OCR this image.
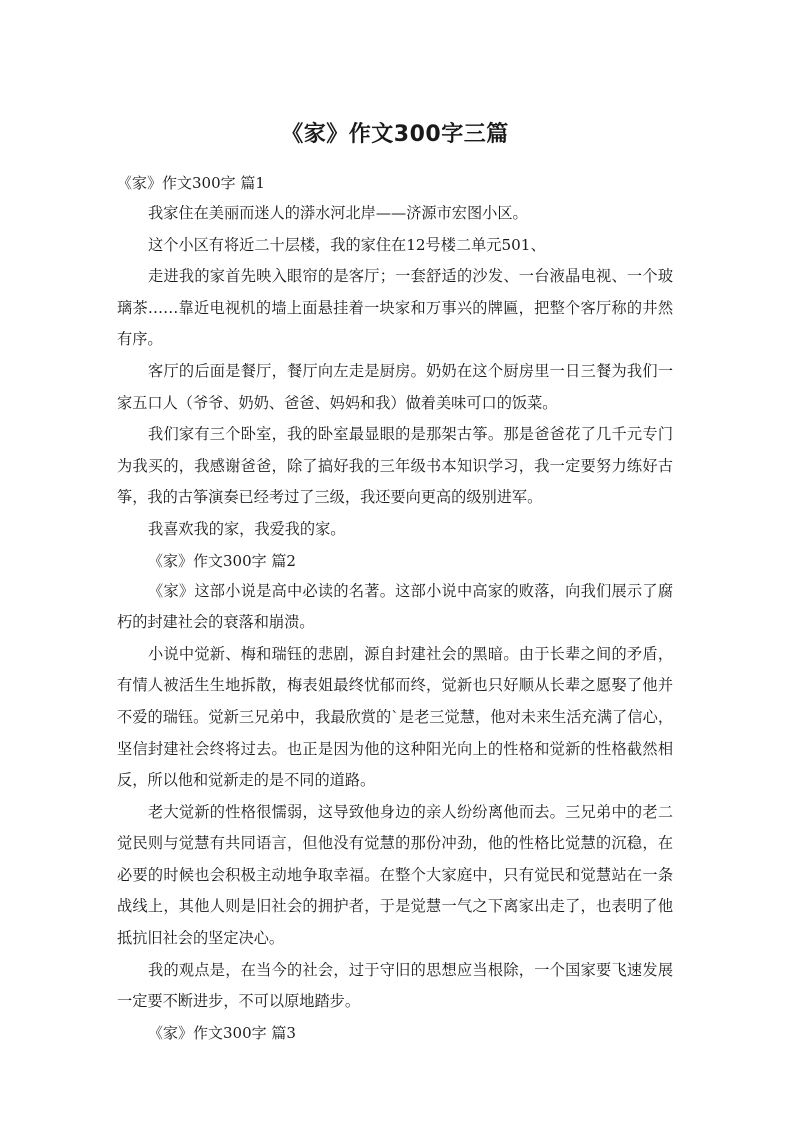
《家》作文300字三篇

《家》作文300字 篇1

我家住在美丽而迷人的漭水河北岸——济源市宏图小区。

这个小区有将近二十层楼，我的家住在12号楼二单元501、

走进我的家首先映入眼帘的是客厅；一套舒适的沙发、一台液晶电视、一个玻璃茶……靠近电视机的墙上面悬挂着一块家和万事兴的牌匾，把整个客厅称的井然有序。

客厅的后面是餐厅，餐厅向左走是厨房。奶奶在这个厨房里一日三餐为我们一家五口人（爷爷、奶奶、爸爸、妈妈和我）做着美味可口的饭菜。

我们家有三个卧室，我的卧室最显眼的是那架古筝。那是爸爸花了几千元专门为我买的，我感谢爸爸，除了搞好我的三年级书本知识学习，我一定要努力练好古筝，我的古筝演奏已经考过了三级，我还要向更高的级别进军。

我喜欢我的家，我爱我的家。

《家》作文300字 篇2

《家》这部小说是高中必读的名著。这部小说中高家的败落，向我们展示了腐朽的封建社会的衰落和崩溃。

小说中觉新、梅和瑞钰的悲剧，源自封建社会的黑暗。由于长辈之间的矛盾，有情人被活生生地拆散，梅表姐最终忧郁而终，觉新也只好顺从长辈之愿娶了他并不爱的瑞钰。觉新三兄弟中，我最欣赏的`是老三觉慧，他对未来生活充满了信心，坚信封建社会终将过去。也正是因为他的这种阳光向上的性格和觉新的性格截然相反，所以他和觉新走的是不同的道路。

老大觉新的性格很懦弱，这导致他身边的亲人纷纷离他而去。三兄弟中的老二觉民则与觉慧有共同语言，但他没有觉慧的那份冲劲，他的性格比觉慧的沉稳，在必要的时候也会积极主动地争取幸福。在整个大家庭中，只有觉民和觉慧站在一条战线上，其他人则是旧社会的拥护者，于是觉慧一气之下离家出走了，也表明了他抵抗旧社会的坚定决心。

我的观点是，在当今的社会，过于守旧的思想应当根除，一个国家要飞速发展一定要不断进步，不可以原地踏步。

《家》作文300字 篇3
